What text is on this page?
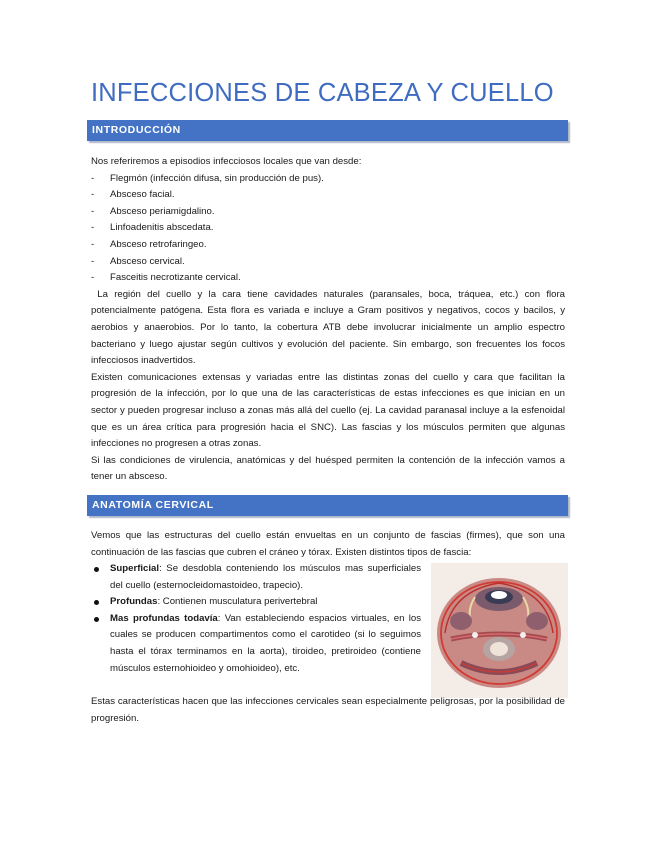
INFECCIONES DE CABEZA Y CUELLO
INTRODUCCIÓN
Nos referiremos a episodios infecciosos locales que van desde:
- Flegmón (infección difusa, sin producción de pus).
- Absceso facial.
- Absceso periamigdalino.
- Linfoadenitis abscedata.
- Absceso retrofaringeo.
- Absceso cervical.
- Fasceitis necrotizante cervical.
La región del cuello y la cara tiene cavidades naturales (paransales, boca, tráquea, etc.) con flora potencialmente patógena. Esta flora es variada e incluye a Gram positivos y negativos, cocos y bacilos, y aerobios y anaerobios. Por lo tanto, la cobertura ATB debe involucrar inicialmente un amplio espectro bacteriano y luego ajustar según cultivos y evolución del paciente. Sin embargo, son frecuentes los focos infecciosos inadvertidos.
Existen comunicaciones extensas y variadas entre las distintas zonas del cuello y cara que facilitan la progresión de la infección, por lo que una de las características de estas infecciones es que inician en un sector y pueden progresar incluso a zonas más allá del cuello (ej. La cavidad paranasal incluye a la esfenoidal que es un área crítica para progresión hacia el SNC). Las fascias y los músculos permiten que algunas infecciones no progresen a otras zonas.
Si las condiciones de virulencia, anatómicas y del huésped permiten la contención de la infección vamos a tener un absceso.
ANATOMÍA CERVICAL
Vemos que las estructuras del cuello están envueltas en un conjunto de fascias (firmes), que son una continuación de las fascias que cubren el cráneo y tórax. Existen distintos tipos de fascia:
Superficial: Se desdobla conteniendo los músculos mas superficiales del cuello (esternocleidomastoideo, trapecio).
Profundas: Contienen musculatura perivertebral
Mas profundas todavía: Van estableciendo espacios virtuales, en los cuales se producen compartimentos como el carotideo (si lo seguimos hasta el tórax terminamos en la aorta), tiroideo, pretiroideo (contiene músculos esternohioideo y omohioideo), etc.
Estas características hacen que las infecciones cervicales sean especialmente peligrosas, por la posibilidad de progresión.
